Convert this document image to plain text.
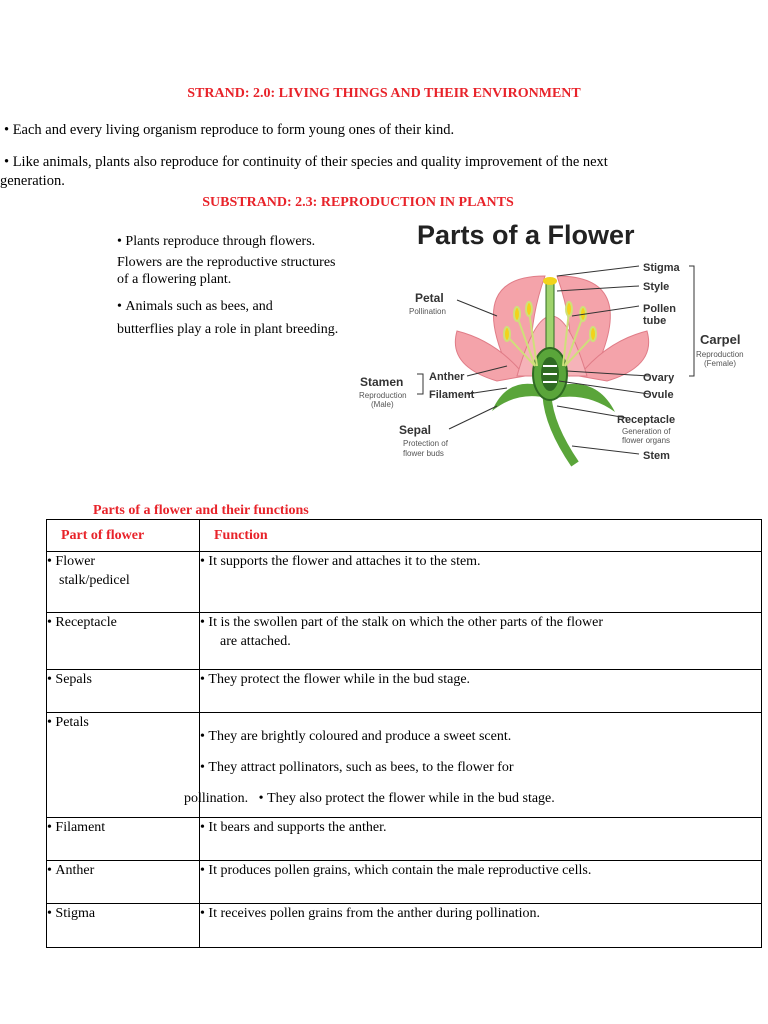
STRAND: 2.0: LIVING THINGS AND THEIR ENVIRONMENT
• Each and every living organism reproduce to form young ones of their kind.
• Like animals, plants also reproduce for continuity of their species and quality improvement of the next
generation.
SUBSTRAND: 2.3: REPRODUCTION IN PLANTS
• Plants reproduce through flowers.
Flowers are the reproductive structures of a flowering plant.
• Animals such as bees, and
butterflies play a role in plant breeding.
Parts of a Flower
Stigma
Style
Pollen
tube
Carpel
Reproduction
(Female)
Petal
Pollination
Stamen
Reproduction
(Male)
Anther
Filament
Ovary
Ovule
Receptacle
Generation of
flower organs
Sepal
Protection of
flower buds	Stem
Parts of a flower and their functions
Part of flower	Function

• Flower
stalk/pedicel
	• It supports the flower and attaches it to the stem.
• Receptacle	
•It is the swollen part of the stalk on which the other parts of the flower
are attached.

• Sepals	•They protect the flower while in the bud stage.
• Petals	
• They are brightly coloured and produce a sweet scent.
• They attract pollinators, such as bees, to the flower for
pollination. • They also protect the flower while in the bud stage.

• Filament	•It bears and supports the anther.
• Anther	•It produces pollen grains, which contain the male reproductive cells.
• Stigma	•It receives pollen grains from the anther during pollination.
